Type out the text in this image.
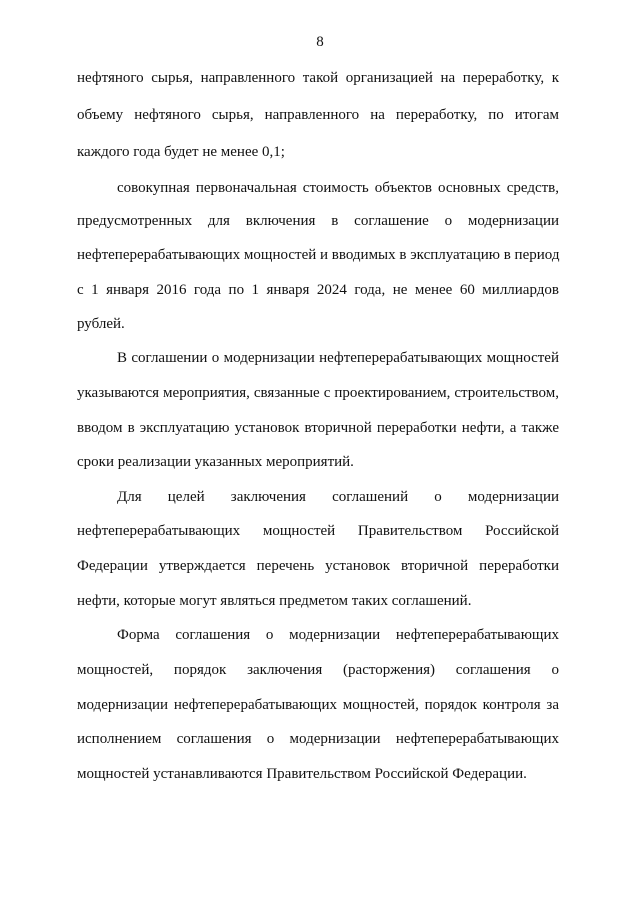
8
нефтяного сырья, направленного такой организацией на переработку, к
объему нефтяного сырья, направленного на переработку, по итогам
каждого года будет не менее 0,1;
совокупная первоначальная стоимость объектов основных средств,
предусмотренных для включения в соглашение о модернизации
нефтеперерабатывающих мощностей и вводимых в эксплуатацию в период
с 1 января 2016 года по 1 января 2024 года, не менее 60 миллиардов
рублей.
В соглашении о модернизации нефтеперерабатывающих мощностей
указываются мероприятия, связанные с проектированием, строительством,
вводом в эксплуатацию установок вторичной переработки нефти, а также
сроки реализации указанных мероприятий.
Для целей заключения соглашений о модернизации
нефтеперерабатывающих мощностей Правительством Российской
Федерации утверждается перечень установок вторичной переработки
нефти, которые могут являться предметом таких соглашений.
Форма соглашения о модернизации нефтеперерабатывающих
мощностей, порядок заключения (расторжения) соглашения о
модернизации нефтеперерабатывающих мощностей, порядок контроля за
исполнением соглашения о модернизации нефтеперерабатывающих
мощностей устанавливаются Правительством Российской Федерации.
